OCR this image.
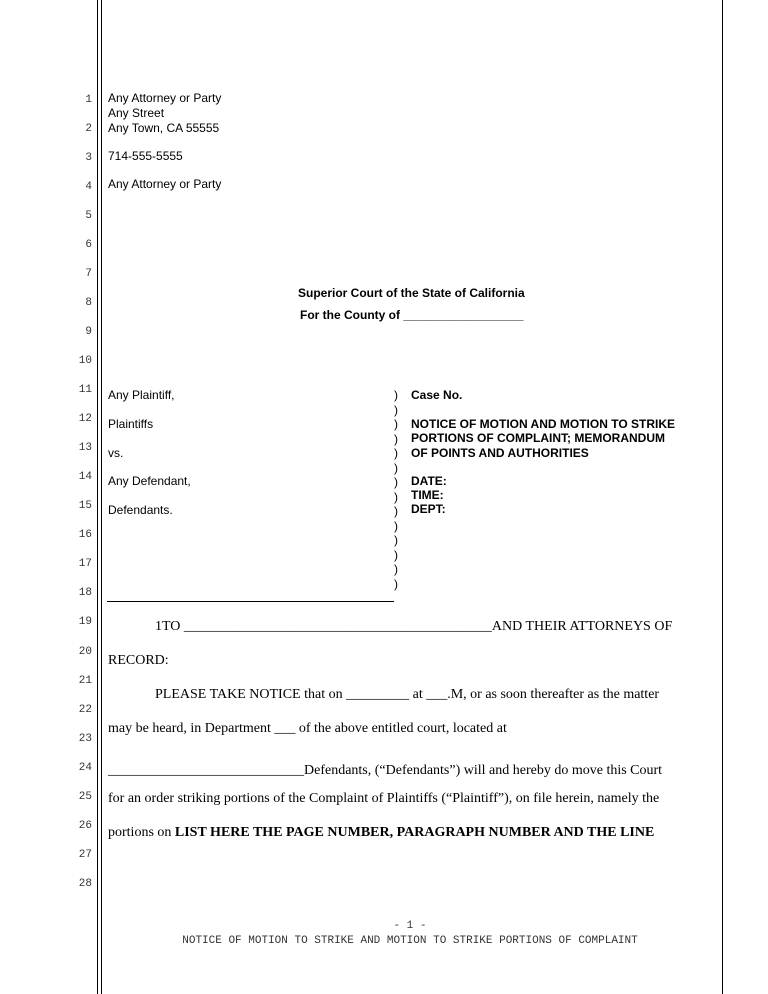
1
2
3
4
5
6
7
8
9
10
11
12
13
14
15
16
17
18
19
20
21
22
23
24
25
26
27
28
Any Attorney or Party
Any Street
Any Town, CA 55555
714-555-5555
Any Attorney or Party
Superior Court of the State of California
For the County of __________________
Any Plaintiff,
Plaintiffs
vs.
Any Defendant,
Defendants.
)
)
)
)
)
)
)
)
)
)
)
)
)
)
Case No.
NOTICE OF MOTION AND MOTION TO STRIKE
PORTIONS OF COMPLAINT; MEMORANDUM
OF POINTS AND AUTHORITIES
DATE:
TIME:
DEPT:
1TO ____________________________________________AND THEIR ATTORNEYS OF
RECORD:
PLEASE TAKE NOTICE that on _________ at ___.M, or as soon thereafter as the matter
may be heard, in Department ___ of the above entitled court, located at
____________________________Defendants, (“Defendants”) will and hereby do move this Court
for an order striking portions of the Complaint of Plaintiffs (“Plaintiff”), on file herein, namely the
portions on LIST HERE THE PAGE NUMBER, PARAGRAPH NUMBER AND THE LINE
- 1 -
NOTICE OF MOTION TO STRIKE AND MOTION TO STRIKE PORTIONS OF COMPLAINT
